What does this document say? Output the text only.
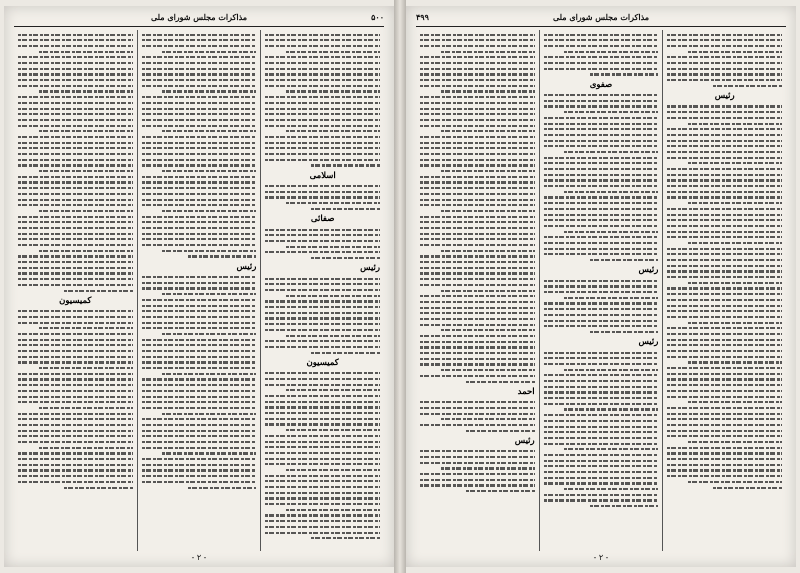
مذاکرات مجلس شورای ملی	۵۰۰
اسلامی
صفائی
رئیس
کمیسیون
رئیس
کمیسیون
- ۲ -
مذاکرات مجلس شورای ملی
۴۹۹
رئیس
صفوی
رئیس
رئیس
احمد
رئیس
- ۲ -
